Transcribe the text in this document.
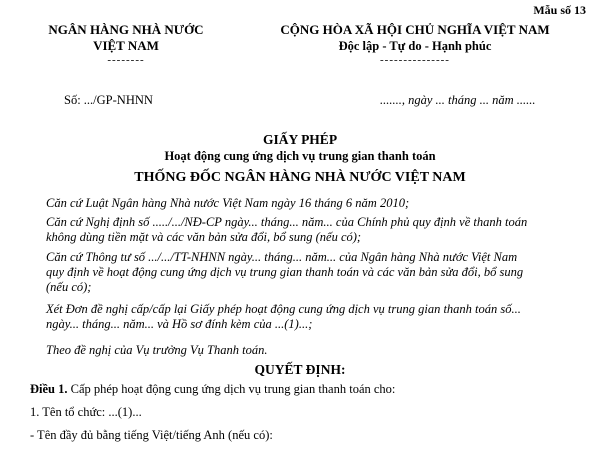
Mẫu số 13
NGÂN HÀNG NHÀ NƯỚC
VIỆT NAM
--------
CỘNG HÒA XÃ HỘI CHỦ NGHĨA VIỆT NAM
Độc lập - Tự do - Hạnh phúc
---------------
Số: .../GP-NHNN	......., ngày ... tháng ... năm ......
GIẤY PHÉP
Hoạt động cung ứng dịch vụ trung gian thanh toán
THỐNG ĐỐC NGÂN HÀNG NHÀ NƯỚC VIỆT NAM
Căn cứ Luật Ngân hàng Nhà nước Việt Nam ngày 16 tháng 6 năm 2010;
Căn cứ Nghị định số ...../.../NĐ-CP ngày... tháng... năm... của Chính phủ quy định về thanh toán
không dùng tiền mặt và các văn bản sửa đổi, bổ sung (nếu có);
Căn cứ Thông tư số .../.../TT-NHNN ngày... tháng... năm... của Ngân hàng Nhà nước Việt Nam
quy định về hoạt động cung ứng dịch vụ trung gian thanh toán và các văn bản sửa đổi, bổ sung
(nếu có);
Xét Đơn đề nghị cấp/cấp lại Giấy phép hoạt động cung ứng dịch vụ trung gian thanh toán số...
ngày... tháng... năm... và Hồ sơ đính kèm của ...(1)...;
Theo đề nghị của Vụ trưởng Vụ Thanh toán.
QUYẾT ĐỊNH:
Điều 1. Cấp phép hoạt động cung ứng dịch vụ trung gian thanh toán cho:
1. Tên tổ chức: ...(1)...
- Tên đầy đủ bằng tiếng Việt/tiếng Anh (nếu có):
